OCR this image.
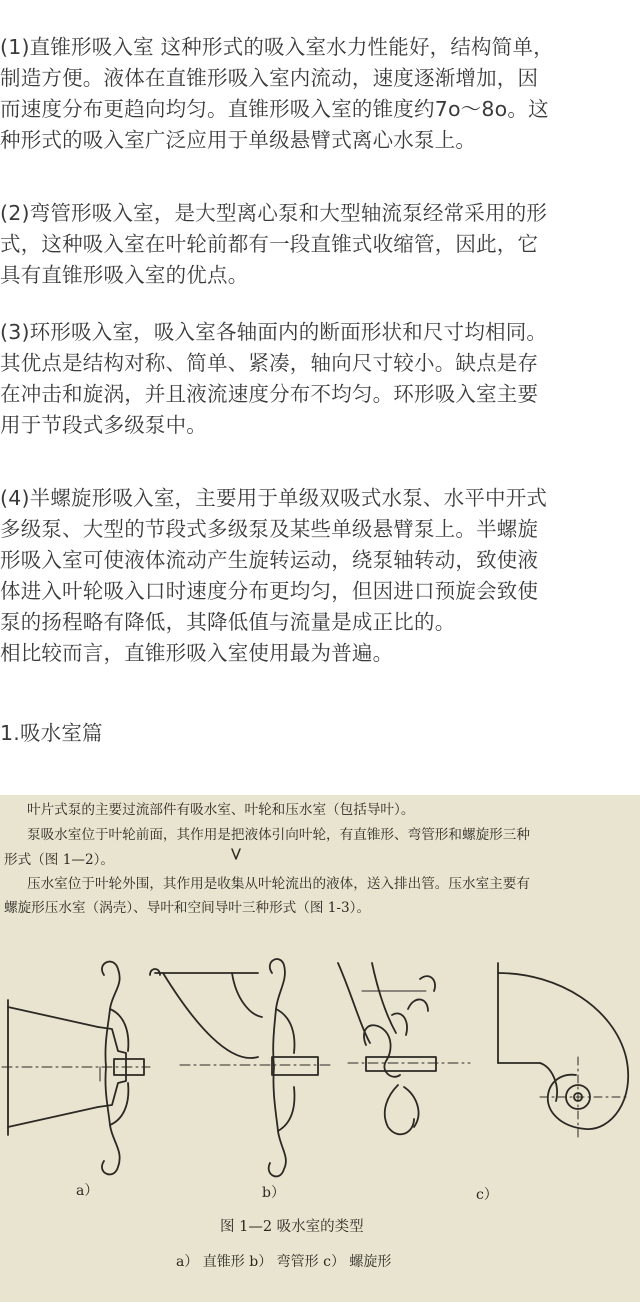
(1)直锥形吸入室 这种形式的吸入室水力性能好，结构简单，
制造方便。液体在直锥形吸入室内流动，速度逐渐增加，因
而速度分布更趋向均匀。直锥形吸入室的锥度约7o～8o。这
种形式的吸入室广泛应用于单级悬臂式离心水泵上。
(2)弯管形吸入室，是大型离心泵和大型轴流泵经常采用的形
式，这种吸入室在叶轮前都有一段直锥式收缩管，因此，它
具有直锥形吸入室的优点。
(3)环形吸入室，吸入室各轴面内的断面形状和尺寸均相同。
其优点是结构对称、简单、紧凑，轴向尺寸较小。缺点是存
在冲击和旋涡，并且液流速度分布不均匀。环形吸入室主要
用于节段式多级泵中。
(4)半螺旋形吸入室，主要用于单级双吸式水泵、水平中开式
多级泵、大型的节段式多级泵及某些单级悬臂泵上。半螺旋
形吸入室可使液体流动产生旋转运动，绕泵轴转动，致使液
体进入叶轮吸入口时速度分布更均匀，但因进口预旋会致使
泵的扬程略有降低，其降低值与流量是成正比的。
相比较而言，直锥形吸入室使用最为普遍。
1.吸水室篇
叶片式泵的主要过流部件有吸水室、叶轮和压水室（包括导叶）。
泵吸水室位于叶轮前面，其作用是把液体引向叶轮，有直锥形、弯管形和螺旋形三种
形式（图 1—2）。
压水室位于叶轮外围，其作用是收集从叶轮流出的液体，送入排出管。压水室主要有
螺旋形压水室（涡壳）、导叶和空间导叶三种形式（图 1-3）。
a）	b）	c）
图 1—2 吸水室的类型
a） 直锥形 b） 弯管形 c） 螺旋形
